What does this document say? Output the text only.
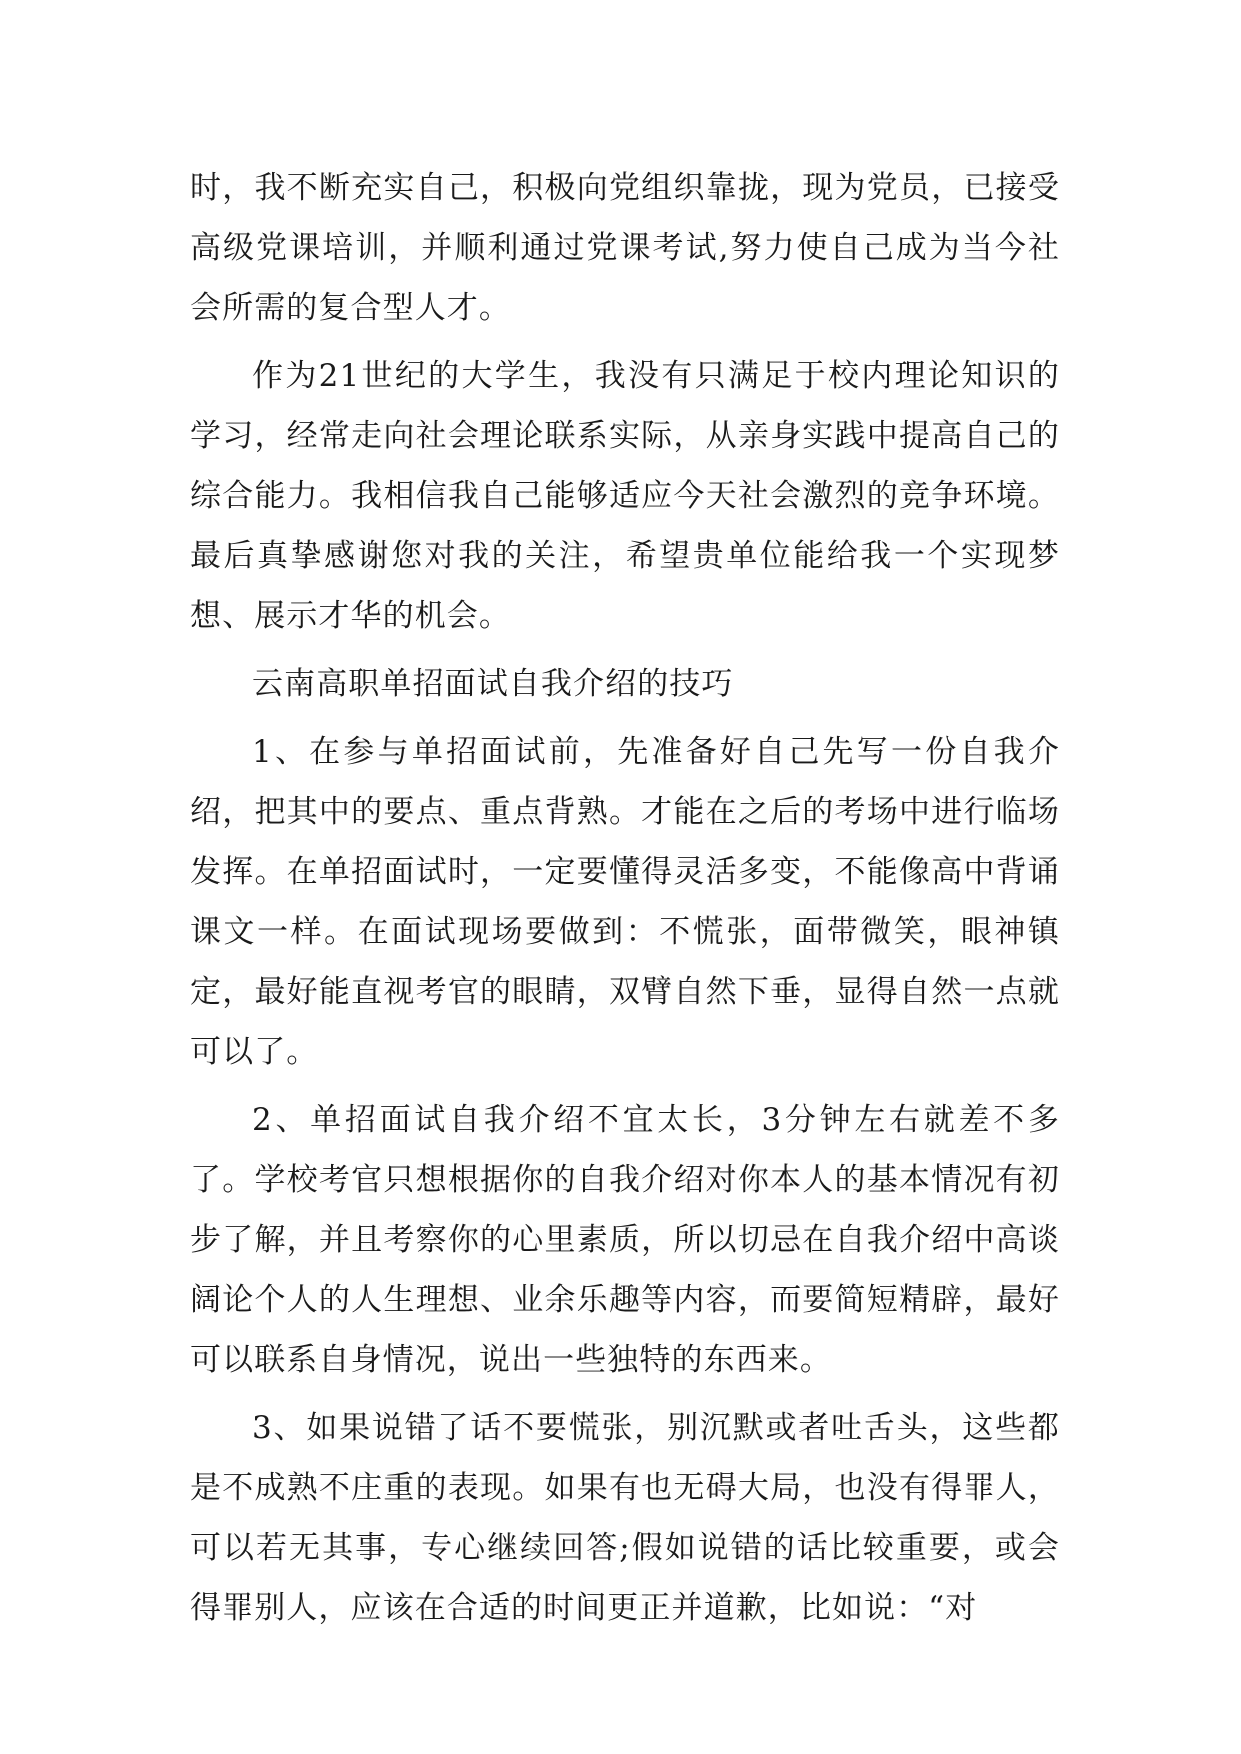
时，我不断充实自己，积极向党组织靠拢，现为党员，已接受高级党课培训，并顺利通过党课考试,努力使自己成为当今社会所需的复合型人才。

作为21世纪的大学生，我没有只满足于校内理论知识的学习，经常走向社会理论联系实际，从亲身实践中提高自己的综合能力。我相信我自己能够适应今天社会激烈的竞争环境。最后真挚感谢您对我的关注，希望贵单位能给我一个实现梦想、展示才华的机会。

云南高职单招面试自我介绍的技巧

1、在参与单招面试前，先准备好自己先写一份自我介绍，把其中的要点、重点背熟。才能在之后的考场中进行临场发挥。在单招面试时，一定要懂得灵活多变，不能像高中背诵课文一样。在面试现场要做到：不慌张，面带微笑，眼神镇定，最好能直视考官的眼睛，双臂自然下垂，显得自然一点就可以了。

2、单招面试自我介绍不宜太长，3分钟左右就差不多了。学校考官只想根据你的自我介绍对你本人的基本情况有初步了解，并且考察你的心里素质，所以切忌在自我介绍中高谈阔论个人的人生理想、业余乐趣等内容，而要简短精辟，最好可以联系自身情况，说出一些独特的东西来。

3、如果说错了话不要慌张，别沉默或者吐舌头，这些都是不成熟不庄重的表现。如果有也无碍大局，也没有得罪人，可以若无其事，专心继续回答;假如说错的话比较重要，或会得罪别人，应该在合适的时间更正并道歉，比如说：“对
